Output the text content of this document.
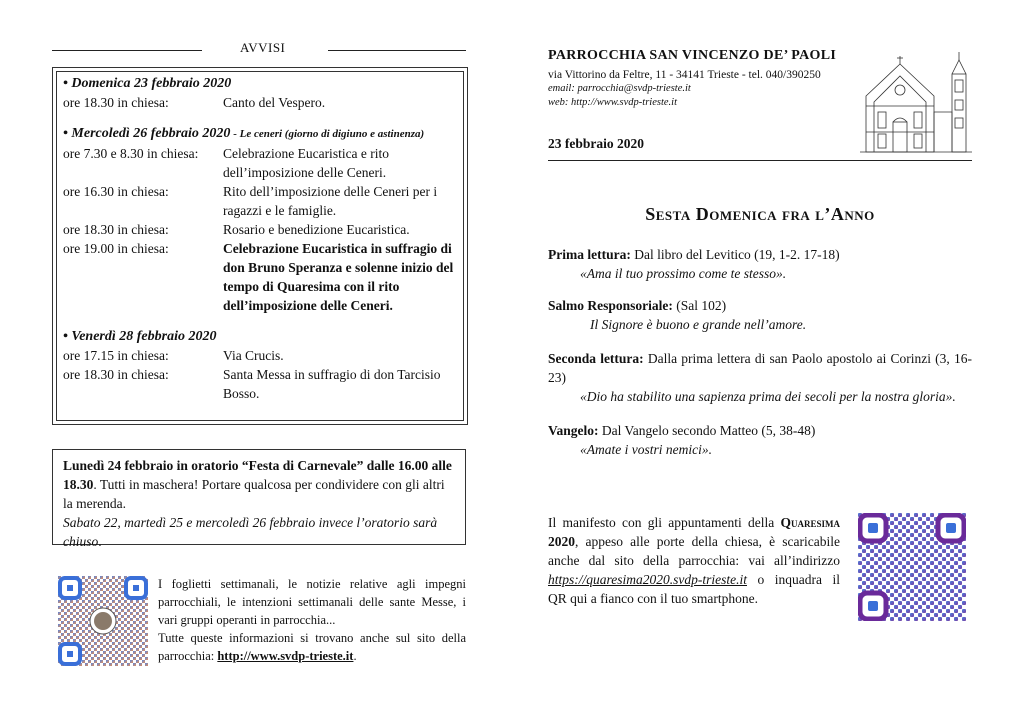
AVVISI
• Domenica 23 febbraio 2020
ore 18.30 in chiesa:	Canto del Vespero.
• Mercoledì 26 febbraio 2020 - Le ceneri (giorno di digiuno e astinenza)
ore 7.30 e 8.30 in chiesa:	Celebrazione Eucaristica e rito dell’imposizione delle Ceneri.
ore 16.30 in chiesa:	Rito dell’imposizione delle Ceneri per i ragazzi e le famiglie.
ore 18.30 in chiesa:	Rosario e benedizione Eucaristica.
ore 19.00 in chiesa:	Celebrazione Eucaristica in suffragio di don Bruno Speranza e solenne inizio del tempo di Quaresima con il rito dell’imposizione delle Ceneri.
• Venerdì 28 febbraio 2020
ore 17.15 in chiesa:	Via Crucis.
ore 18.30 in chiesa:	Santa Messa in suffragio di don Tarcisio Bosso.
Lunedì 24 febbraio in oratorio “Festa di Carnevale” dalle 16.00 alle 18.30. Tutti in maschera! Portare qualcosa per condividere con gli altri la merenda.
Sabato 22, martedì 25 e mercoledì 26 febbraio invece l’oratorio sarà chiuso.
I foglietti settimanali, le notizie relative agli impegni parrocchiali, le intenzioni settimanali delle sante Messe, i vari gruppi operanti in parrocchia...
Tutte queste informazioni si trovano anche sul sito della parrocchia: http://www.svdp-trieste.it.
PARROCCHIA SAN VINCENZO DE’ PAOLI
via Vittorino da Feltre, 11 - 34141 Trieste - tel. 040/390250
email: parrocchia@svdp-trieste.it
web: http://www.svdp-trieste.it
23 febbraio 2020
Sesta Domenica fra l’Anno
Prima lettura: Dal libro del Levitico (19, 1-2. 17-18)
«Ama il tuo prossimo come te stesso».
Salmo Responsoriale: (Sal 102)
Il Signore è buono e grande nell’amore.
Seconda lettura: Dalla prima lettera di san Paolo apostolo ai Corinzi (3, 16-23)
«Dio ha stabilito una sapienza prima dei secoli per la nostra gloria».
Vangelo: Dal Vangelo secondo Matteo (5, 38-48)
«Amate i vostri nemici».
Il manifesto con gli appuntamenti della Quaresima 2020, appeso alle porte della chiesa, è scaricabile anche dal sito della parrocchia: vai all’indirizzo https://quaresima2020.svdp-trieste.it o inquadra il QR qui a fianco con il tuo smartphone.
